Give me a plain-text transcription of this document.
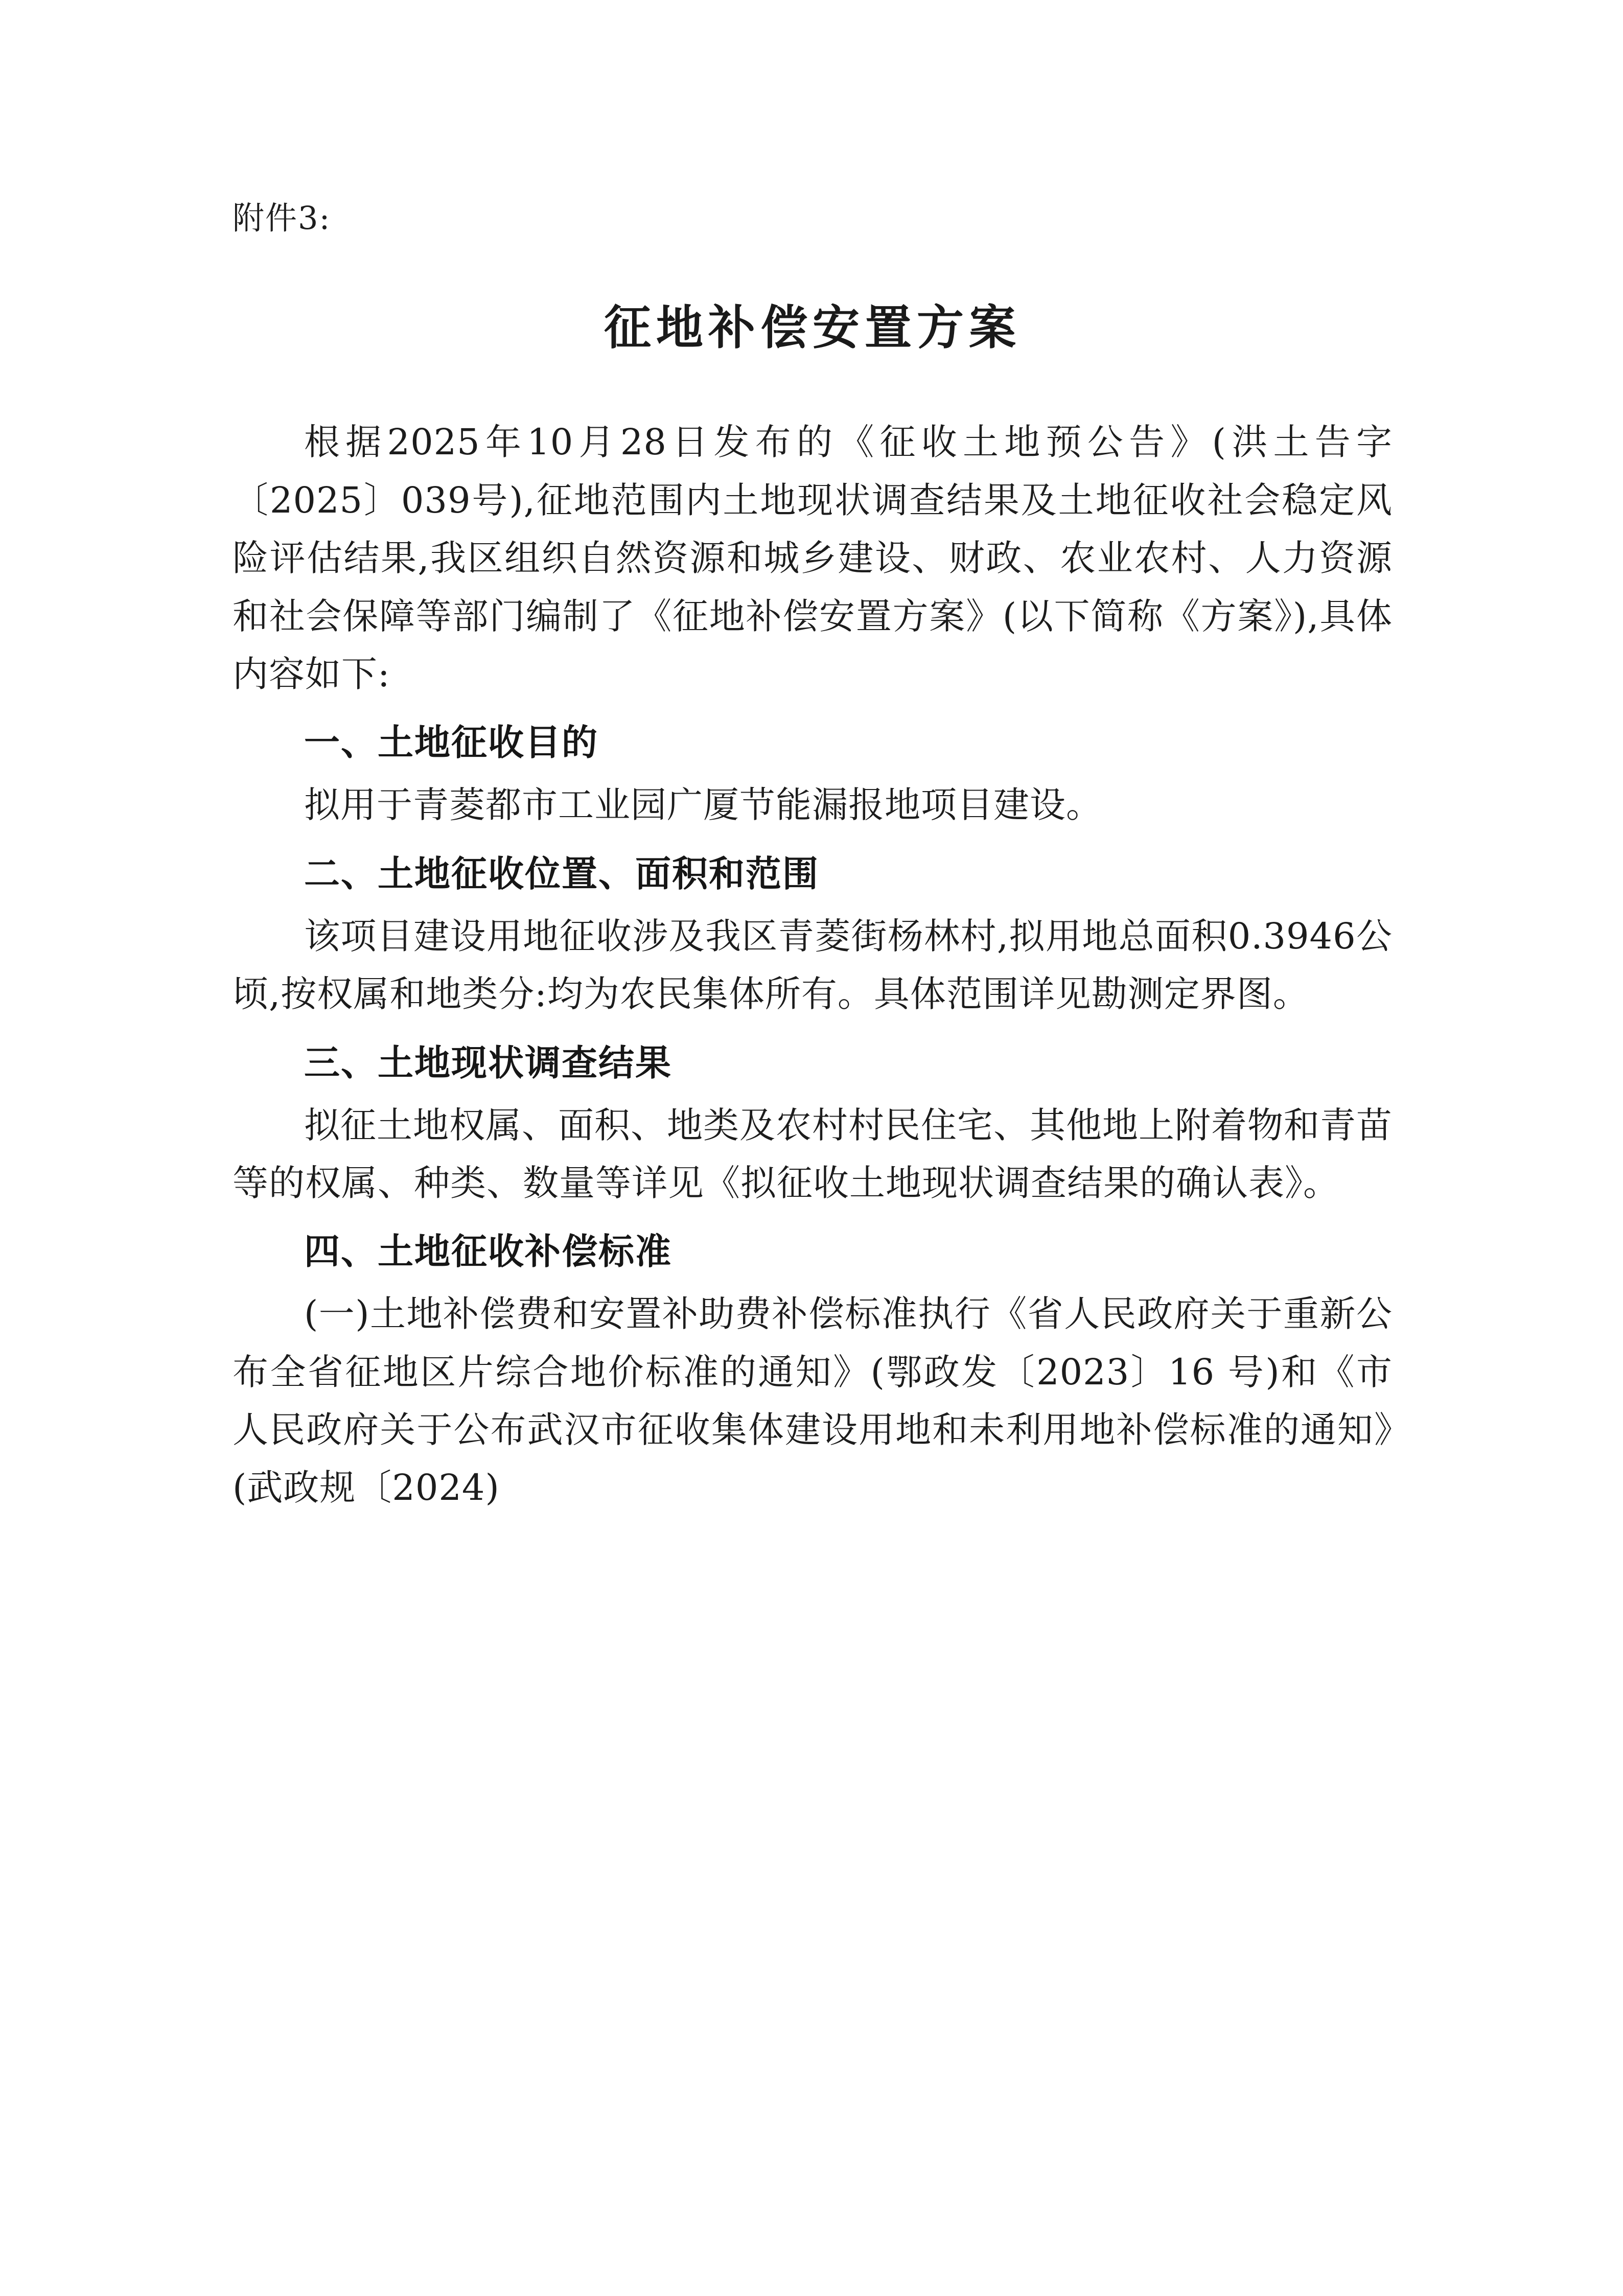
附件3:
征地补偿安置方案

根据2025年10月28日发布的《征收土地预公告》(洪土告字〔2025〕039号),征地范围内土地现状调查结果及土地征收社会稳定风险评估结果,我区组织自然资源和城乡建设、财政、农业农村、人力资源和社会保障等部门编制了《征地补偿安置方案》(以下简称《方案》),具体内容如下:

一、土地征收目的

拟用于青菱都市工业园广厦节能漏报地项目建设。

二、土地征收位置、面积和范围

该项目建设用地征收涉及我区青菱街杨林村,拟用地总面积0.3946公顷,按权属和地类分:均为农民集体所有。具体范围详见勘测定界图。

三、土地现状调查结果

拟征土地权属、面积、地类及农村村民住宅、其他地上附着物和青苗等的权属、种类、数量等详见《拟征收土地现状调查结果的确认表》。

四、土地征收补偿标准

(一)土地补偿费和安置补助费补偿标准执行《省人民政府关于重新公布全省征地区片综合地价标准的通知》(鄂政发〔2023〕16 号)和《市人民政府关于公布武汉市征收集体建设用地和未利用地补偿标准的通知》(武政规〔2024)
